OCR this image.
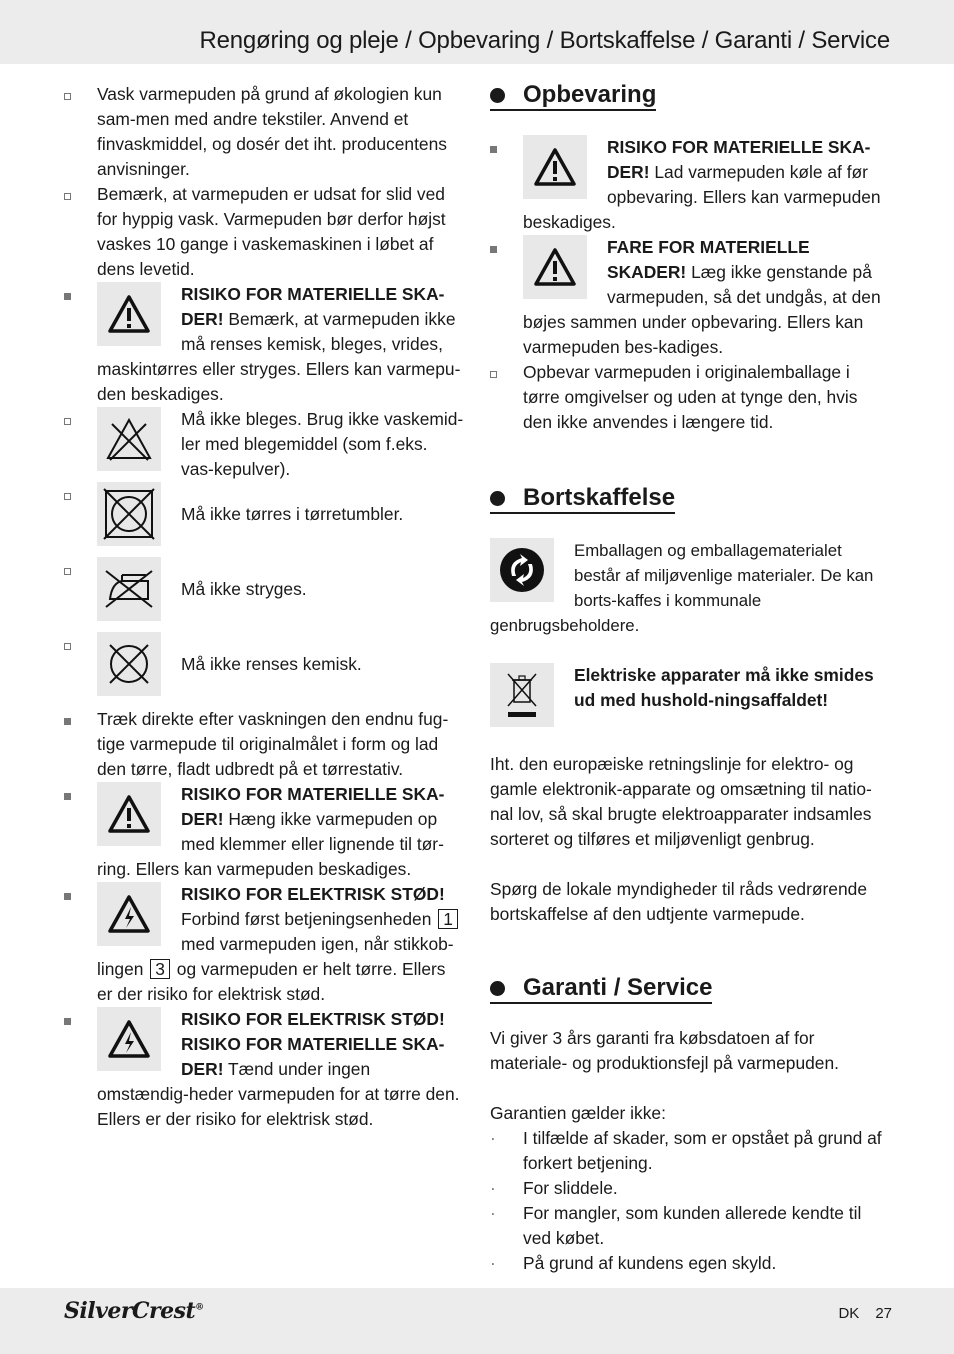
Rengøring og pleje / Opbevaring / Bortskaffelse / Garanti / Service
Vask varmepuden på grund af økologien kun sam-men med andre tekstiler. Anvend et finvaskmiddel, og dosér det iht. producentens anvisninger.
Bemærk, at varmepuden er udsat for slid ved for hyppig vask. Varmepuden bør derfor højst vaskes 10 gange i vaskemaskinen i løbet af dens levetid.
RISIKO FOR MATERIELLE SKA-DER! Bemærk, at varmepuden ikke må renses kemisk, bleges, vrides, maskintørres eller stryges. Ellers kan varmepu-den beskadiges.
Må ikke bleges. Brug ikke vaskemid-ler med blegemiddel (som f.eks. vas-kepulver).
Må ikke tørres i tørretumbler.
Må ikke stryges.
Må ikke renses kemisk.
Træk direkte efter vaskningen den endnu fug-tige varmepude til originalmålet i form og lad den tørre, fladt udbredt på et tørrestativ.
RISIKO FOR MATERIELLE SKA-DER! Hæng ikke varmepuden op med klemmer eller lignende til tør-ring. Ellers kan varmepuden beskadiges.
RISIKO FOR ELEKTRISK STØD!
Forbind først betjeningsenheden 1 med varmepuden igen, når stikkob-lingen 3 og varmepuden er helt tørre. Ellers er der risiko for elektrisk stød.
RISIKO FOR ELEKTRISK STØD!
RISIKO FOR MATERIELLE SKA-DER! Tænd under ingen omstændig-heder varmepuden for at tørre den. Ellers er der risiko for elektrisk stød.
Opbevaring
RISIKO FOR MATERIELLE SKA-DER! Lad varmepuden køle af før opbevaring. Ellers kan varmepuden beskadiges.
FARE FOR MATERIELLE SKADER! Læg ikke genstande på varmepuden, så det undgås, at den bøjes sammen under opbevaring. Ellers kan varmepuden bes-kadiges.
Opbevar varmepuden i originalemballage i tørre omgivelser og uden at tynge den, hvis den ikke anvendes i længere tid.
Bortskaffelse
Emballagen og emballagematerialet består af miljøvenlige materialer. De kan borts-kaffes i kommunale genbrugsbeholdere.
Elektriske apparater må ikke smides ud med hushold-ningsaffaldet!
Iht. den europæiske retningslinje for elektro- og gamle elektronik-apparate og omsætning til natio-nal lov, så skal brugte elektroapparater indsamles sorteret og tilføres et miljøvenligt genbrug.
Spørg de lokale myndigheder til råds vedrørende bortskaffelse af den udtjente varmepude.
Garanti / Service
Vi giver 3 års garanti fra købsdatoen af for materiale- og produktionsfejl på varmepuden.
Garantien gælder ikke:
· I tilfælde af skader, som er opstået på grund af forkert betjening.
· For sliddele.
· For mangler, som kunden allerede kendte til ved købet.
· På grund af kundens egen skyld.
SilverCrest®	DK 27
